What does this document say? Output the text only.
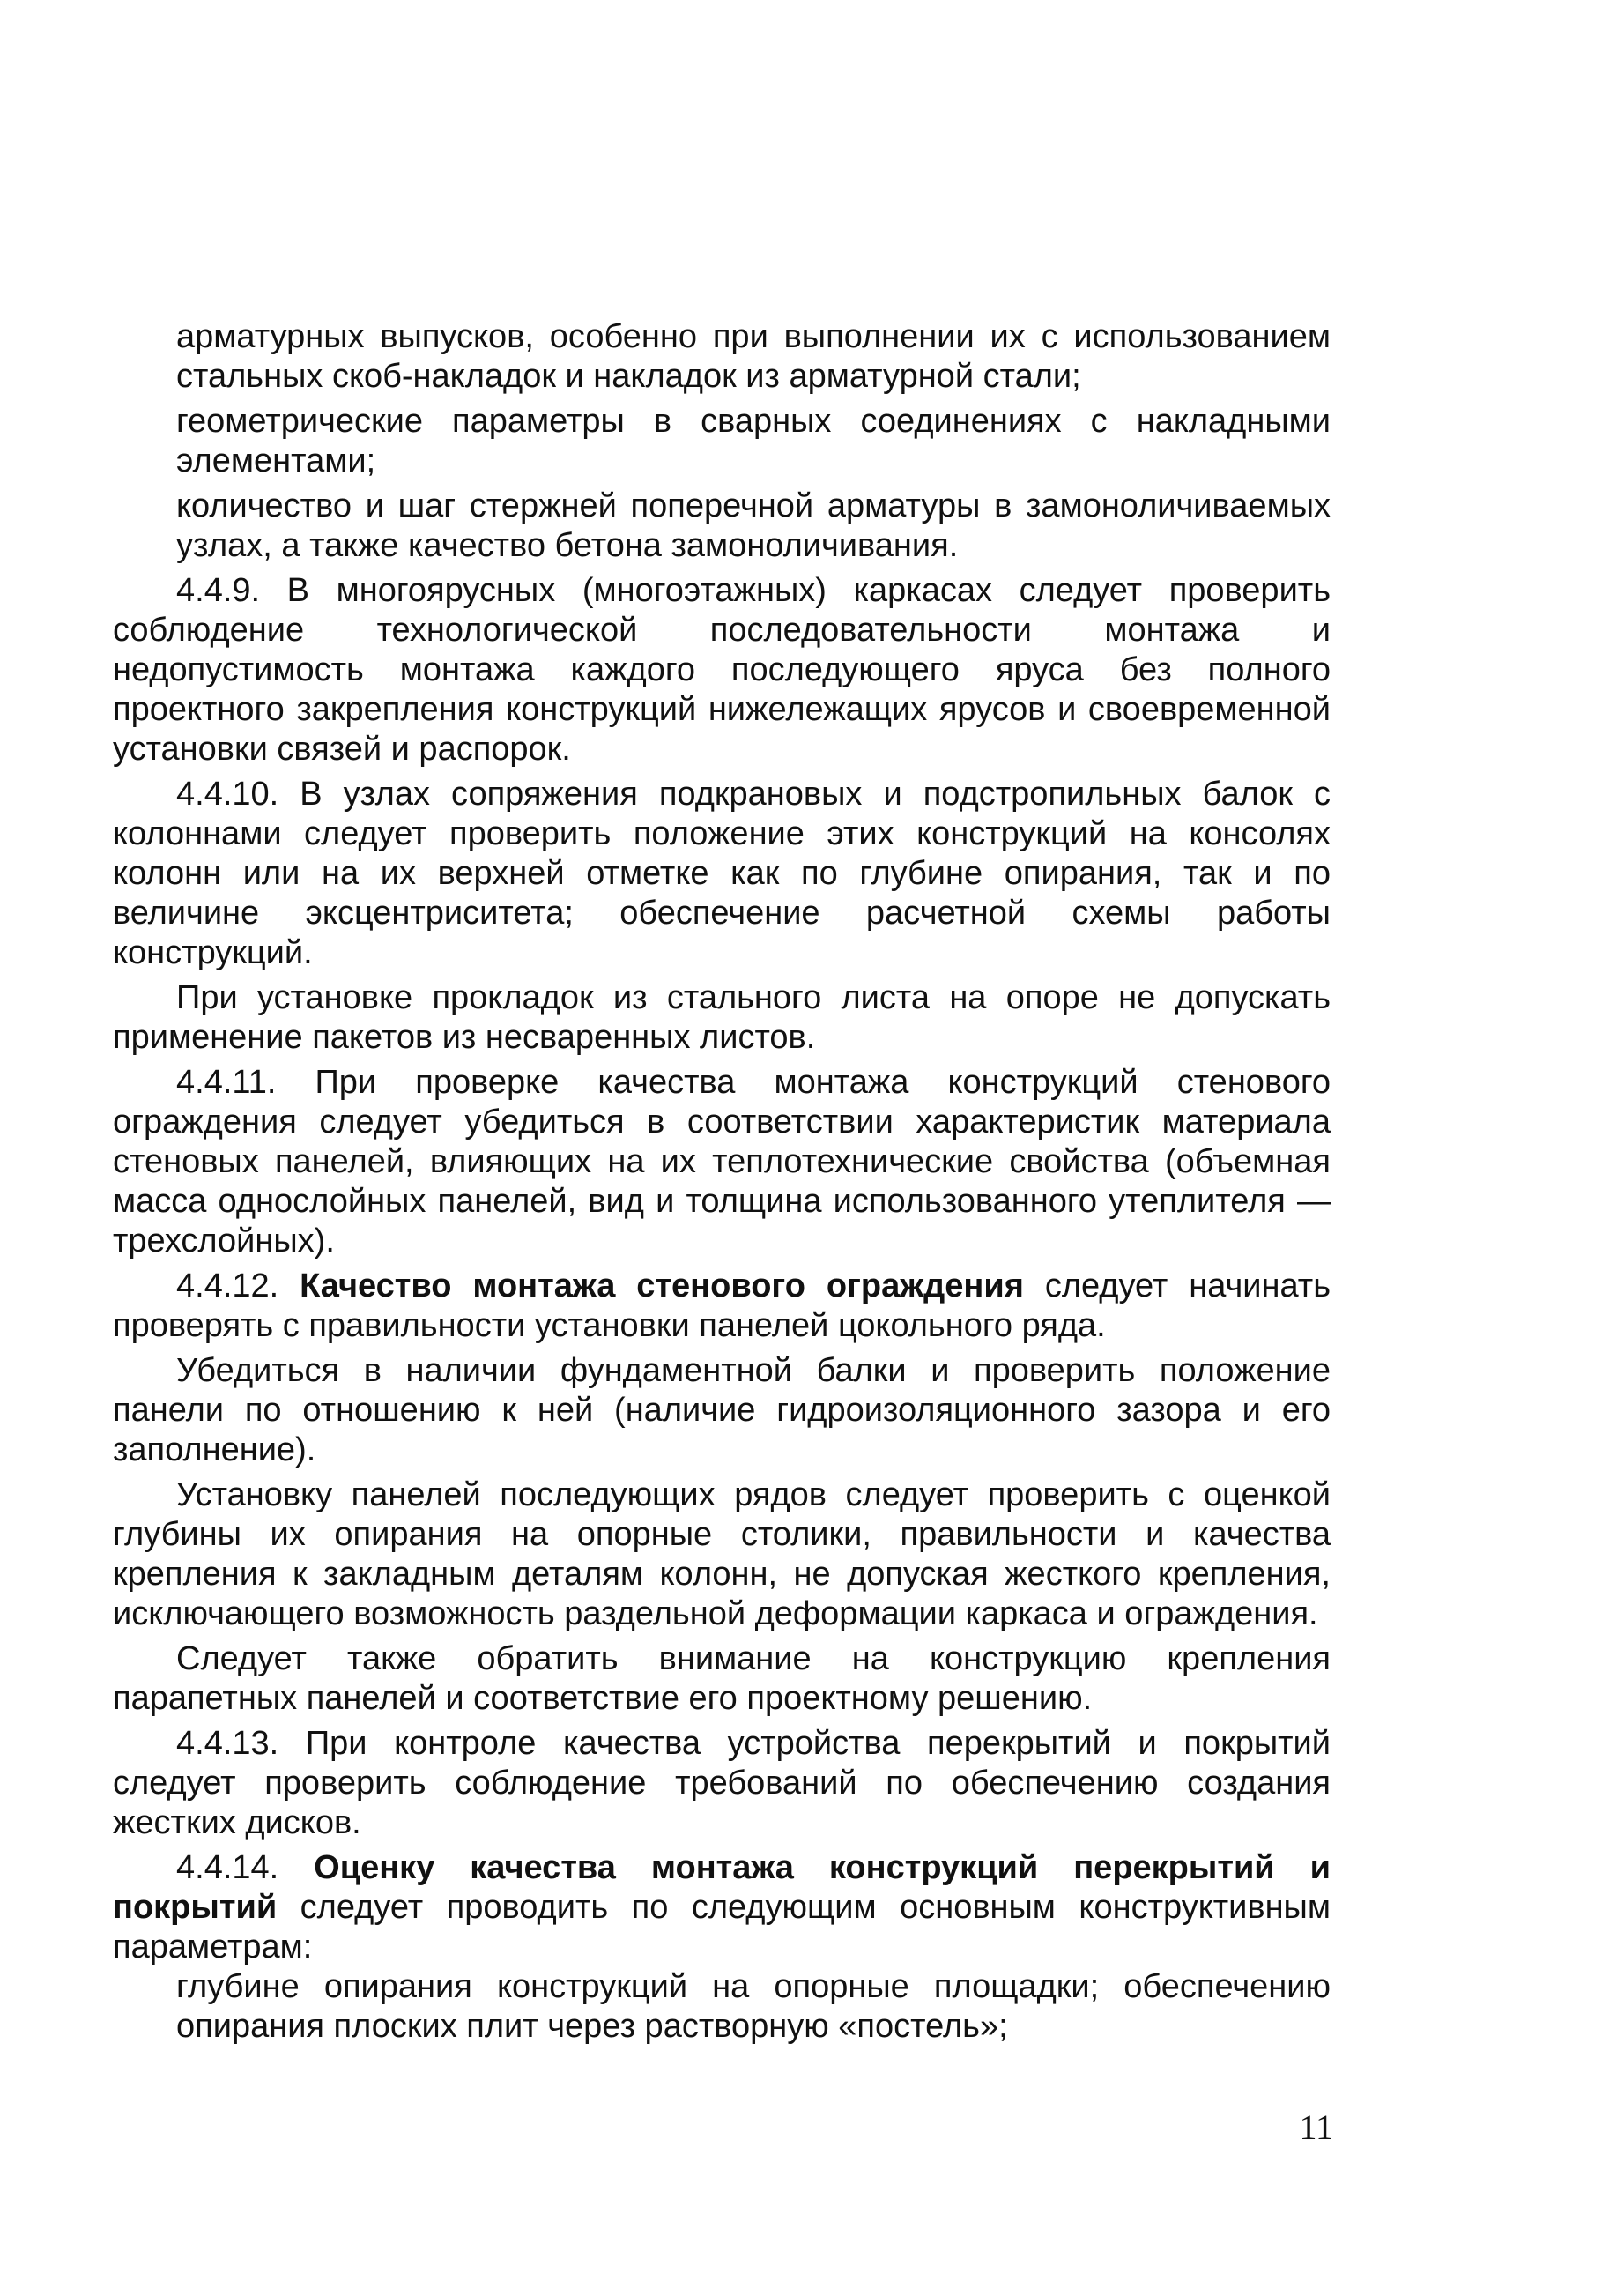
арматурных выпусков, особенно при выполнении их с использованием стальных скоб-накладок и накладок из арматурной стали;

геометрические параметры в сварных соединениях с накладными элементами;

количество и шаг стержней поперечной арматуры в замоноличиваемых узлах, а также качество бетона замоноличивания.

4.4.9. В многоярусных (многоэтажных) каркасах следует проверить соблюдение технологической последовательности монтажа и недопустимость монтажа каждого последующего яруса без полного проектного закрепления конструкций нижележащих ярусов и своевременной установки связей и распорок.

4.4.10. В узлах сопряжения подкрановых и подстропильных балок с колоннами следует проверить положение этих конструкций на консолях колонн или на их верхней отметке как по глубине опирания, так и по величине эксцентриситета; обеспечение расчетной схемы работы конструкций.

При установке прокладок из стального листа на опоре не допускать применение пакетов из несваренных листов.

4.4.11. При проверке качества монтажа конструкций стенового ограждения следует убедиться в соответствии характеристик материала стеновых панелей, влияющих на их теплотехнические свойства (объемная масса однослойных панелей, вид и толщина использованного утеплителя — трехслойных).

4.4.12. Качество монтажа стенового ограждения следует начинать проверять с правильности установки панелей цокольного ряда.

Убедиться в наличии фундаментной балки и проверить положение панели по отношению к ней (наличие гидроизоляционного зазора и его заполнение).

Установку панелей последующих рядов следует проверить с оценкой глубины их опирания на опорные столики, правильности и качества крепления к закладным деталям колонн, не допуская жесткого крепления, исключающего возможность раздельной деформации каркаса и ограждения.

Следует также обратить внимание на конструкцию крепления парапетных панелей и соответствие его проектному решению.

4.4.13. При контроле качества устройства перекрытий и покрытий следует проверить соблюдение требований по обеспечению создания жестких дисков.

4.4.14. Оценку качества монтажа конструкций перекрытий и покрытий следует проводить по следующим основным конструктивным параметрам:

глубине опирания конструкций на опорные площадки; обеспечению опирания плоских плит через растворную «постель»;

11
